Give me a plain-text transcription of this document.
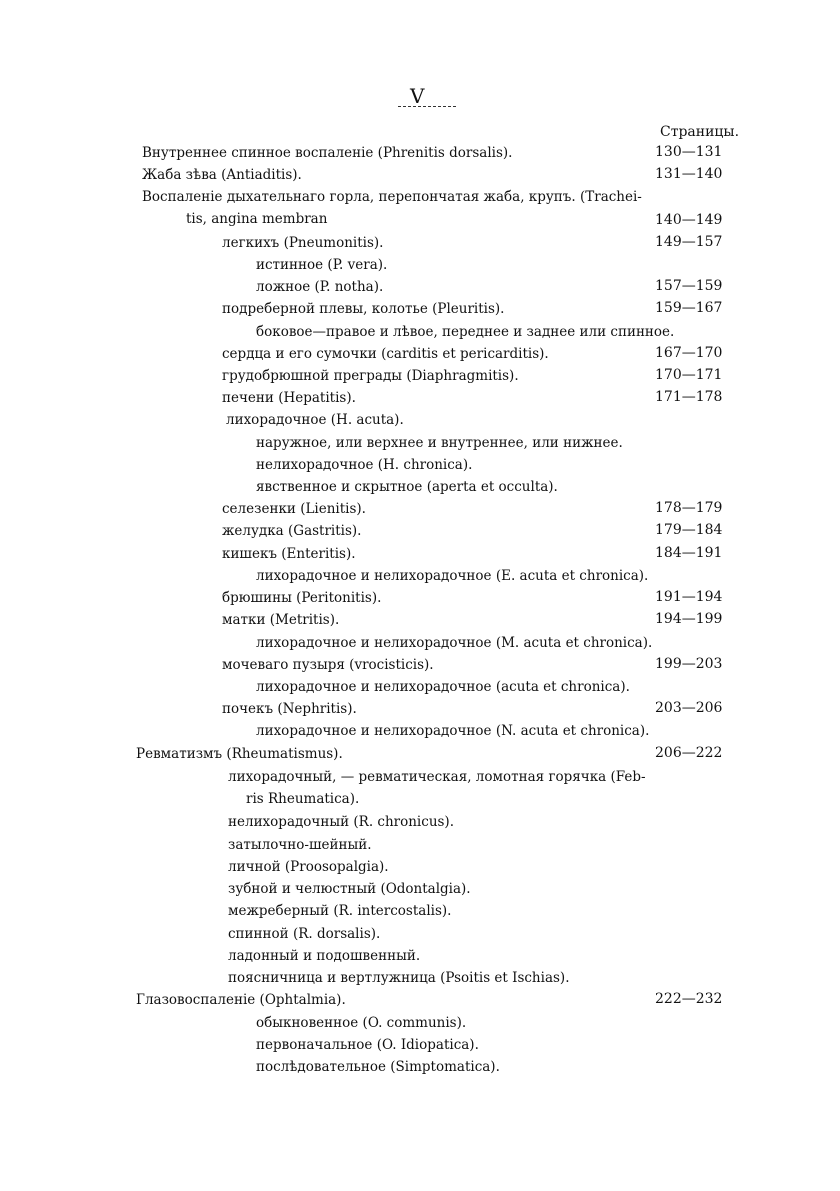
V
Страницы.
Внутреннее спинное воспаленіе (Phrenitis dorsalis).	130—131
Жаба зѣва (Antiaditis).	131—140
Воспаленіе дыхательнаго горла, перепончатая жаба, крупъ. (Trachei-
tis, angina membran	140—149
легкихъ (Pneumonitis).	149—157
истинное (P. vera).
ложное (P. notha).	157—159
подреберной плевы, колотье (Pleuritis).	159—167
боковое—правое и лѣвое, переднее и заднее или спинное.
сердца и его сумочки (carditis et pericarditis).	167—170
грудобрюшной преграды (Diaphragmitis).	170—171
печени (Hepatitis).	171—178
лихорадочное (H. acuta).
наружное, или верхнее и внутреннее, или нижнее.
нелихорадочное (H. chronica).
явственное и скрытное (aperta et occulta).
селезенки (Lienitis).	178—179
желудка (Gastritis).	179—184
кишекъ (Enteritis).	184—191
лихорадочное и нелихорадочное (E. acuta et chronica).
брюшины (Peritonitis).	191—194
матки (Metritis).	194—199
лихорадочное и нелихорадочное (M. acuta et chronica).
мочеваго пузыря (vrocisticis).	199—203
лихорадочное и нелихорадочное (acuta et chronica).
почекъ (Nephritis).	203—206
лихорадочное и нелихорадочное (N. acuta et chronica).
Ревматизмъ (Rheumatismus).	206—222
лихорадочный, — ревматическая, ломотная горячка (Feb-
ris Rheumatica).
нелихорадочный (R. chronicus).
затылочно-шейный.
личной (Proosopalgia).
зубной и челюстный (Odontalgia).
межреберный (R. intercostalis).
спинной (R. dorsalis).
ладонный и подошвенный.
поясничница и вертлужница (Psoitis et Ischias).
Глазовоспаленіе (Ophtalmia).	222—232
обыкновенное (O. communis).
первоначальное (O. Idiopatica).
послѣдовательное (Simptomatica).
